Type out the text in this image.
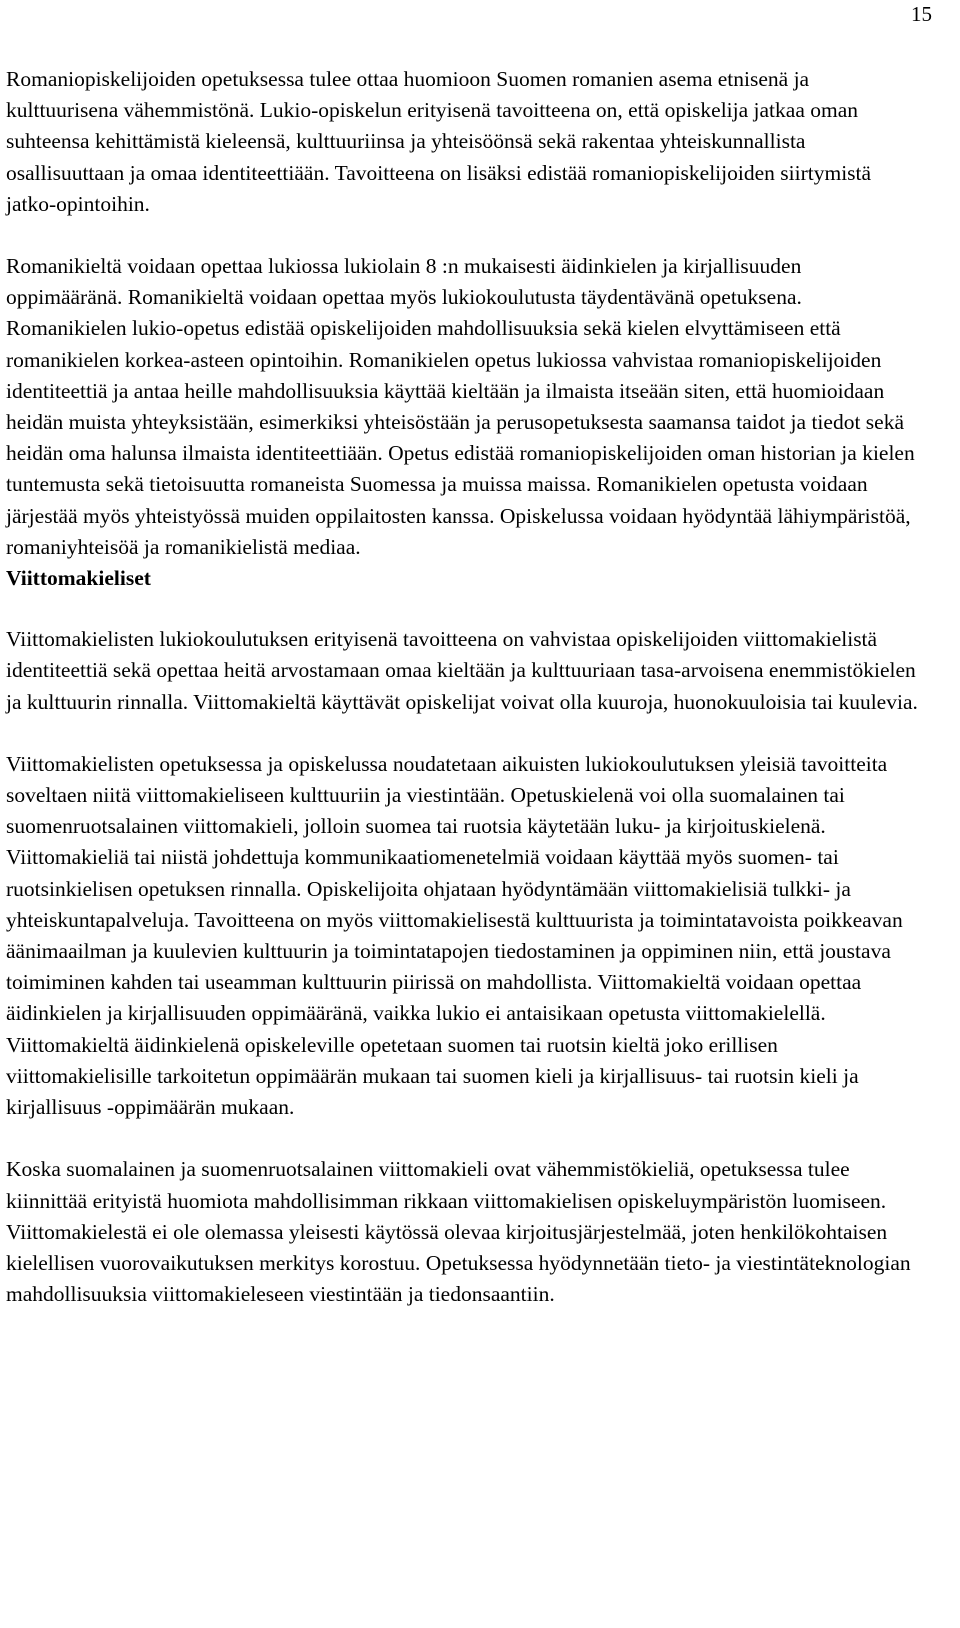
15

Romaniopiskelijoiden opetuksessa tulee ottaa huomioon Suomen romanien asema etnisenä ja kulttuurisena vähemmistönä. Lukio-opiskelun erityisenä tavoitteena on, että opiskelija jatkaa oman suhteensa kehittämistä kieleensä, kulttuuriinsa ja yhteisöönsä sekä rakentaa yhteiskunnallista osallisuuttaan ja omaa identiteettiään. Tavoitteena on lisäksi edistää romaniopiskelijoiden siirtymistä jatko-opintoihin.

Romanikieltä voidaan opettaa lukiossa lukiolain 8 :n mukaisesti äidinkielen ja kirjallisuuden oppimääränä. Romanikieltä voidaan opettaa myös lukiokoulutusta täydentävänä opetuksena. Romanikielen lukio-opetus edistää opiskelijoiden mahdollisuuksia sekä kielen elvyttämiseen että romanikielen korkea-asteen opintoihin. Romanikielen opetus lukiossa vahvistaa romaniopiskelijoiden identiteettiä ja antaa heille mahdollisuuksia käyttää kieltään ja ilmaista itseään siten, että huomioidaan heidän muista yhteyksistään, esimerkiksi yhteisöstään ja perusopetuksesta saamansa taidot ja tiedot sekä heidän oma halunsa ilmaista identiteettiään. Opetus edistää romaniopiskelijoiden oman historian ja kielen tuntemusta sekä tietoisuutta romaneista Suomessa ja muissa maissa. Romanikielen opetusta voidaan järjestää myös yhteistyössä muiden oppilaitosten kanssa. Opiskelussa voidaan hyödyntää lähiympäristöä, romaniyhteisöä ja romanikielistä mediaa.

Viittomakieliset

Viittomakielisten lukiokoulutuksen erityisenä tavoitteena on vahvistaa opiskelijoiden viittomakielistä identiteettiä sekä opettaa heitä arvostamaan omaa kieltään ja kulttuuriaan tasa-arvoisena enemmistökielen ja kulttuurin rinnalla. Viittomakieltä käyttävät opiskelijat voivat olla kuuroja, huonokuuloisia tai kuulevia.

Viittomakielisten opetuksessa ja opiskelussa noudatetaan aikuisten lukiokoulutuksen yleisiä tavoitteita soveltaen niitä viittomakieliseen kulttuuriin ja viestintään. Opetuskielenä voi olla suomalainen tai suomenruotsalainen viittomakieli, jolloin suomea tai ruotsia käytetään luku- ja kirjoituskielenä. Viittomakieliä tai niistä johdettuja kommunikaatiomenetelmiä voidaan käyttää myös suomen- tai ruotsinkielisen opetuksen rinnalla. Opiskelijoita ohjataan hyödyntämään viittomakielisiä tulkki- ja yhteiskuntapalveluja. Tavoitteena on myös viittomakielisestä kulttuurista ja toimintatavoista poikkeavan äänimaailman ja kuulevien kulttuurin ja toimintatapojen tiedostaminen ja oppiminen niin, että joustava toimiminen kahden tai useamman kulttuurin piirissä on mahdollista. Viittomakieltä voidaan opettaa äidinkielen ja kirjallisuuden oppimääränä, vaikka lukio ei antaisikaan opetusta viittomakielellä. Viittomakieltä äidinkielenä opiskeleville opetetaan suomen tai ruotsin kieltä joko erillisen viittomakielisille tarkoitetun oppimäärän mukaan tai suomen kieli ja kirjallisuus- tai ruotsin kieli ja kirjallisuus -oppimäärän mukaan.

Koska suomalainen ja suomenruotsalainen viittomakieli ovat vähemmistökieliä, opetuksessa tulee kiinnittää erityistä huomiota mahdollisimman rikkaan viittomakielisen opiskeluympäristön luomiseen. Viittomakielestä ei ole olemassa yleisesti käytössä olevaa kirjoitusjärjestelmää, joten henkilökohtaisen kielellisen vuorovaikutuksen merkitys korostuu. Opetuksessa hyödynnetään tieto- ja viestintäteknologian mahdollisuuksia viittomakieleseen viestintään ja tiedonsaantiin.
